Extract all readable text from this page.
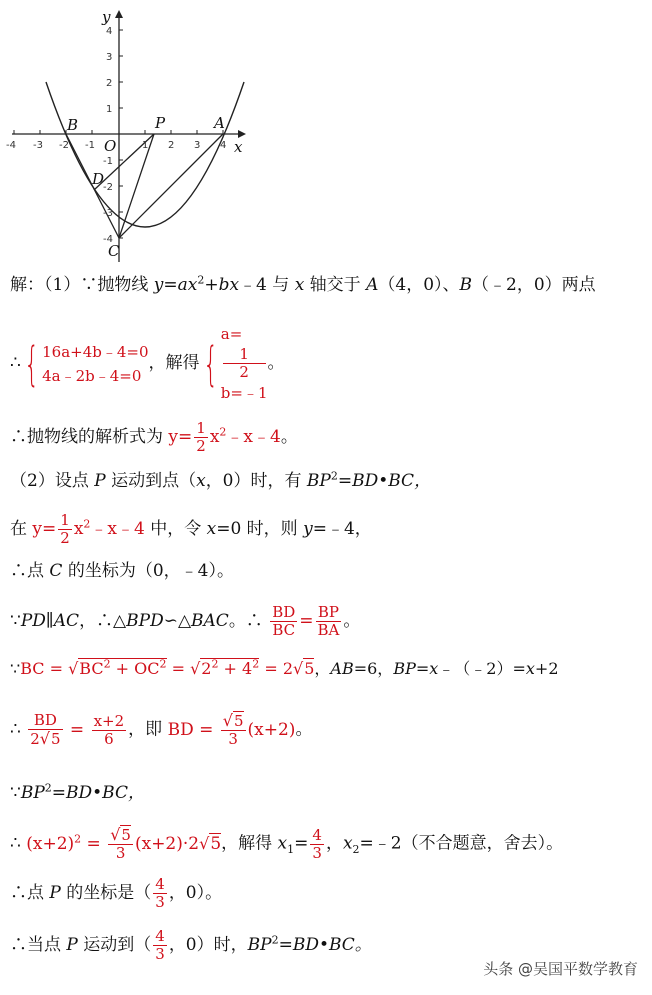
-4 -3 -2 -1	1 2 3 4
4
3
2
1
-1
-2
-3
-4
x
y
B	P	A
O
D
C
解：（1）∵抛物线 $y=ax^2+bx﹣4$ 与 x 轴交于 A（4，0）、B（﹣2，0）两点
∴{ 16a+4b﹣4=0
4a﹣2b﹣4=0
，解得{
a=
1
2
b=﹣1
。
∴抛物线的解析式为 $y= \frac{1}{2}$ $x^2﹣x﹣4$。
（2）设点 P 运动到点（x，0）时，有 $BP^2=BD•BC$，
在 $y= \frac{1}{2}$ $x^2﹣x﹣4$ 中，令 x=0 时，则 y=﹣4，
∴点 C 的坐标为（0，﹣4）。
∵PD∥AC，∴△BPD∽△BAC。∴ $\frac{BD}{BC} = \frac{BP}{BA}$ 。
∵BC = $√BC^2 + OC^2 = √2^2 + 4^2 = 2√5$，AB=6，BP=x﹣（﹣2）=x+2
∴ $\frac{BD}{2√5} = \frac{x+2}{6}$ ，即 BD = $\frac{√5}{3} (x+2)$。
$\because BP^2=BD•BC$，
∴ $(x+2)^2 = \frac{√5}{3} (x+2)\cdot 2√5$，解得 $x_1= \frac{4}{3}$ ，$x_2=﹣2$（不合题意，舍去）。
∴点 P 的坐标是（ $\frac{4}{3}$ ，0）。
∴当点 P 运动到（ $\frac{4}{3}$ ，0）时，$BP^2=BD•BC$。
头条 @吴国平数学教育
